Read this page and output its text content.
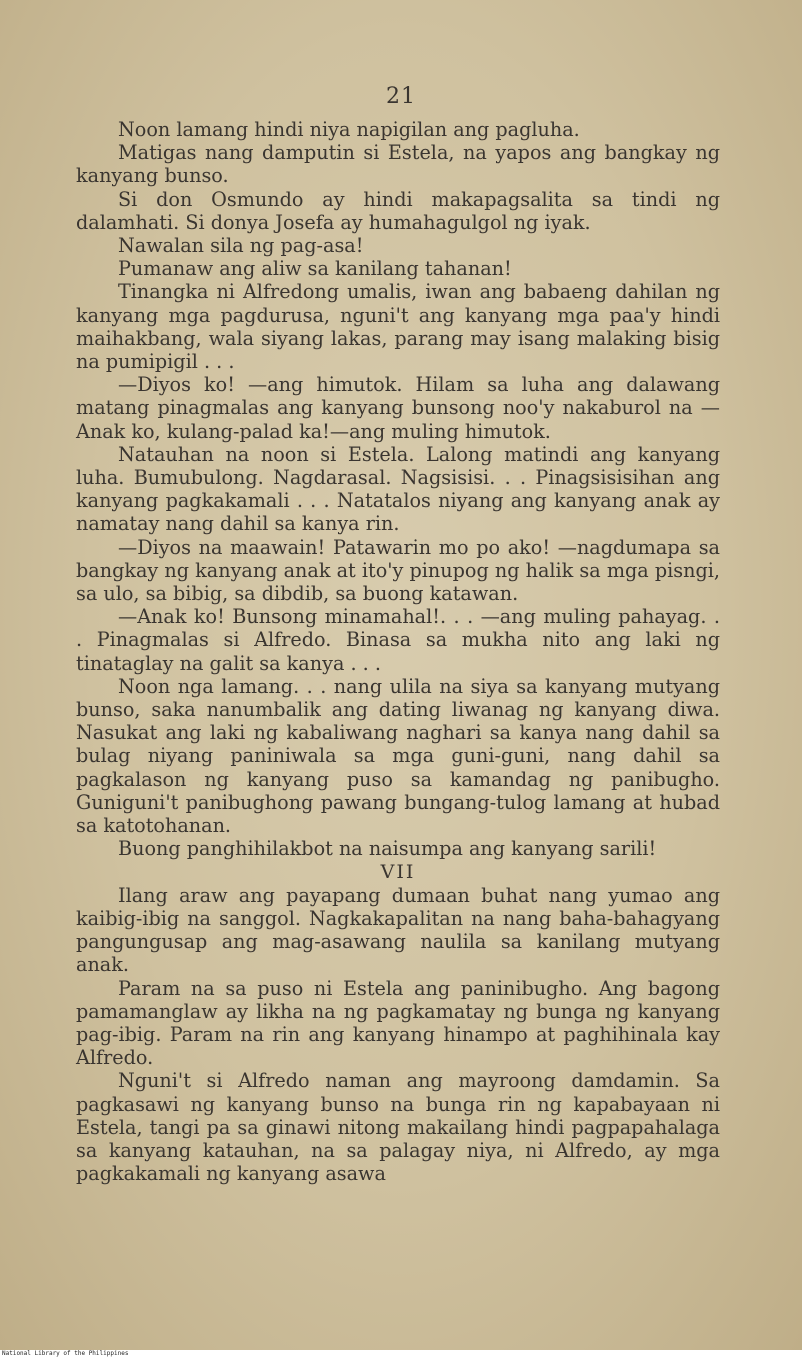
21

Noon lamang hindi niya napigilan ang pagluha.

Matigas nang damputin si Estela, na yapos ang bangkay ng kanyang bunso.

Si don Osmundo ay hindi makapagsalita sa tindi ng dalamhati. Si donya Josefa ay humahagulgol ng iyak.

Nawalan sila ng pag-asa!

Pumanaw ang aliw sa kanilang tahanan!

Tinangka ni Alfredong umalis, iwan ang babaeng dahilan ng kanyang mga pagdurusa, nguni't ang kanyang mga paa'y hindi maihakbang, wala siyang lakas, parang may isang malaking bisig na pumipigil . . .

—Diyos ko! —ang himutok. Hilam sa luha ang dalawang matang pinagmalas ang kanyang bunsong noo'y nakaburol na —Anak ko, kulang-palad ka!—ang muling himutok.

Natauhan na noon si Estela. Lalong matindi ang kanyang luha. Bumubulong. Nagdarasal. Nagsisisi. . . Pinagsisisihan ang kanyang pagkakamali . . . Natatalos niyang ang kanyang anak ay namatay nang dahil sa kanya rin.

—Diyos na maawain! Patawarin mo po ako! —nagdumapa sa bangkay ng kanyang anak at ito'y pinupog ng halik sa mga pisngi, sa ulo, sa bibig, sa dibdib, sa buong katawan.

—Anak ko! Bunsong minamahal!. . . —ang muling pahayag. . . Pinagmalas si Alfredo. Binasa sa mukha nito ang laki ng tinataglay na galit sa kanya . . .

Noon nga lamang. . . nang ulila na siya sa kanyang mutyang bunso, saka nanumbalik ang dating liwanag ng kanyang diwa. Nasukat ang laki ng kabaliwang naghari sa kanya nang dahil sa bulag niyang paniniwala sa mga guni-guni, nang dahil sa pagkalason ng kanyang puso sa kamandag ng panibugho. Guniguni't panibughong pawang bungang-tulog lamang at hubad sa katotohanan.

Buong panghihilakbot na naisumpa ang kanyang sarili!

VII

Ilang araw ang payapang dumaan buhat nang yumao ang kaibig-ibig na sanggol. Nagkakapalitan na nang baha-bahagyang pangungusap ang mag-asawang naulila sa kanilang mutyang anak.

Param na sa puso ni Estela ang paninibugho. Ang bagong pamamanglaw ay likha na ng pagkamatay ng bunga ng kanyang pag-ibig. Param na rin ang kanyang hinampo at paghihinala kay Alfredo.

Nguni't si Alfredo naman ang mayroong damdamin. Sa pagkasawi ng kanyang bunso na bunga rin ng kapabayaan ni Estela, tangi pa sa ginawi nitong makailang hindi pagpapahalaga sa kanyang katauhan, na sa palagay niya, ni Alfredo, ay mga pagkakamali ng kanyang asawa

National Library of the Philippines
